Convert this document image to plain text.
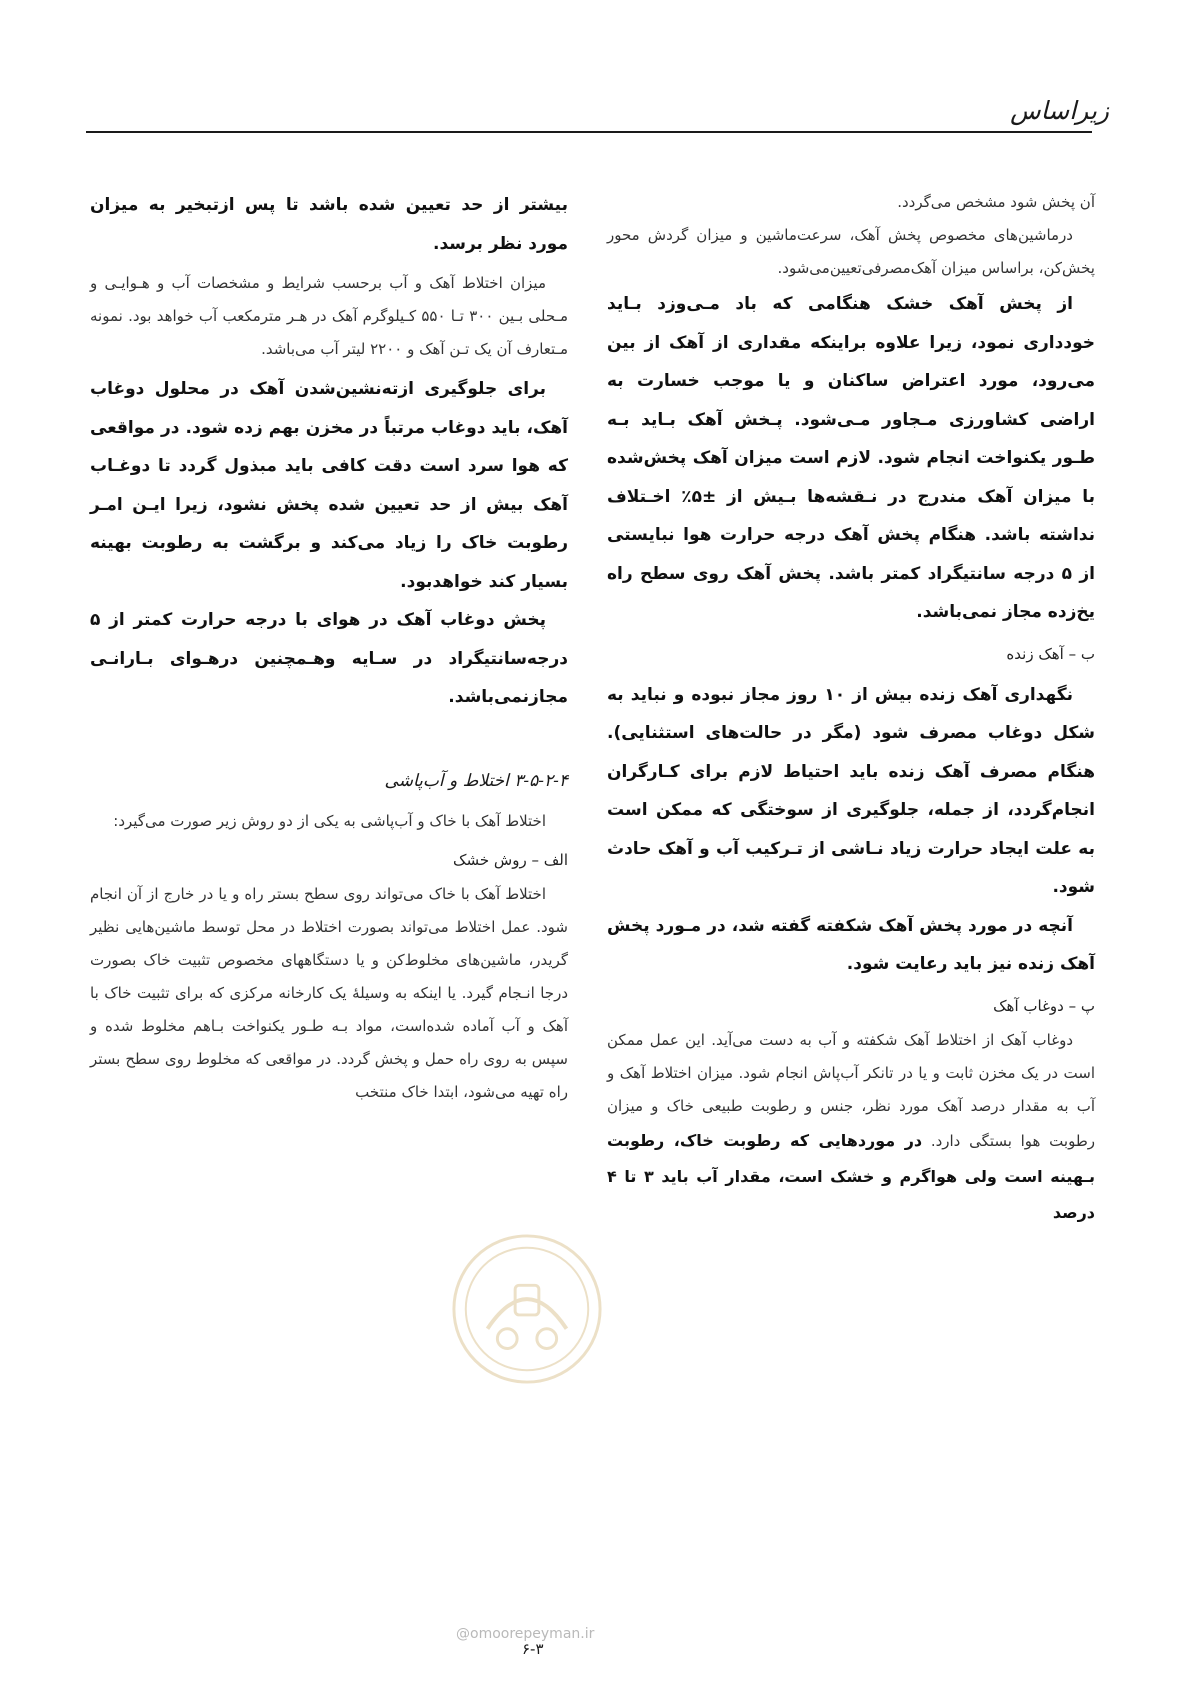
زیراساس

آن پخش شود مشخص می‌گردد.

درماشین‌های مخصوص پخش آهک، سرعت‌ماشین و میزان گردش محور پخش‌کن، براساس میزان آهک‌مصرفی‌تعیین‌می‌شود.

از پخش آهک خشک هنگامی که باد مـی‌وزد بـاید خودداری نمود، زیرا علاوه براینکه مقداری از آهک از بین می‌رود، مورد اعتراض ساکنان و یا موجب خسارت به اراضی کشاورزی مـجاور مـی‌شود. پـخش آهک بـاید بـه طـور یکنواخت انجام شود. لازم است میزان آهک پخش‌شده با میزان آهک مندرج در نـقشه‌ها بـیش از ±۵٪ اخـتلاف نداشته باشد. هنگام پخش آهک درجه حرارت هوا نبایستی از ۵ درجه سانتیگراد کمتر باشد. پخش آهک روی سطح راه یخ‌زده مجاز نمی‌باشد.

ب – آهک زنده

نگهداری آهک زنده بیش از ۱۰ روز مجاز نبوده و نباید به شکل دوغاب مصرف شود (مگر در حالت‌های استثنایی). هنگام مصرف آهک زنده باید احتیاط لازم برای کـارگران انجام‌گردد، از جمله، جلوگیری از سوختگی که ممکن است به علت ایجاد حرارت زیاد نـاشی از تـرکیب آب و آهک حادث شود.

آنچه در مورد پخش آهک شکفته گفته شد، در مـورد پخش آهک زنده نیز باید رعایت شود.

پ – دوغاب آهک

دوغاب آهک از اختلاط آهک شکفته و آب به دست می‌آید. این عمل ممکن است در یک مخزن ثابت و یا در تانکر آب‌پاش انجام شود. میزان اختلاط آهک و آب به مقدار درصد آهک مورد نظر، جنس و رطوبت طبیعی خاک و میزان رطوبت هوا بستگی دارد. در موردهایی که رطوبت خاک، رطوبت بـهینه است ولی هواگرم و خشک است، مقدار آب باید ۳ تا ۴ درصد

بیشتر از حد تعیین شده باشد تا پس ازتبخیر به میزان مورد نظر برسد.

میزان اختلاط آهک و آب برحسب شرایط و مشخصات آب و هـوایـی و مـحلی بـین ۳۰۰ تـا ۵۵۰ کـیلوگرم آهک در هـر مترمکعب آب خواهد بود. نمونه مـتعارف آن یک تـن آهک و ۲۲۰۰ لیتر آب می‌باشد.

برای جلوگیری ازته‌نشین‌شدن آهک در محلول دوغاب آهک، باید دوغاب مرتباً در مخزن بهم زده شود. در مواقعی که هوا سرد است دقت کافی باید مبذول گردد تا دوغـاب آهک بیش از حد تعیین شده پخش نشود، زیرا ایـن امـر رطوبت خاک را زیاد می‌کند و برگشت به رطوبت بهینه بسیار کند خواهدبود.

پخش دوغاب آهک در هوای با درجه حرارت کمتر از ۵ درجه‌سانتیگراد در سـایه وهـمچنین درهـوای بـارانـی مجازنمی‌باشد.

۳-۵-۲-۴ اختلاط و آب‌پاشی

اختلاط آهک با خاک و آب‌پاشی به یکی از دو روش زیر صورت می‌گیرد:

الف – روش خشک

اختلاط آهک با خاک می‌تواند روی سطح بستر راه و یا در خارج از آن انجام شود. عمل اختلاط می‌تواند بصورت اختلاط در محل توسط ماشین‌هایی نظیر گریدر، ماشین‌های مخلوط‌کن و یا دستگاههای مخصوص تثبیت خاک بصورت درجا انـجام گیرد. یا اینکه به وسیلهٔ یک کارخانه مرکزی که برای تثبیت خاک با آهک و آب آماده شده‌است، مواد بـه طـور یکنواخت بـاهم مخلوط شده و سپس به روی راه حمل و پخش گردد. در مواقعی که مخلوط روی سطح بستر راه تهیه می‌شود، ابتدا خاک منتخب

@omoorepeyman.ir
۶-۳
